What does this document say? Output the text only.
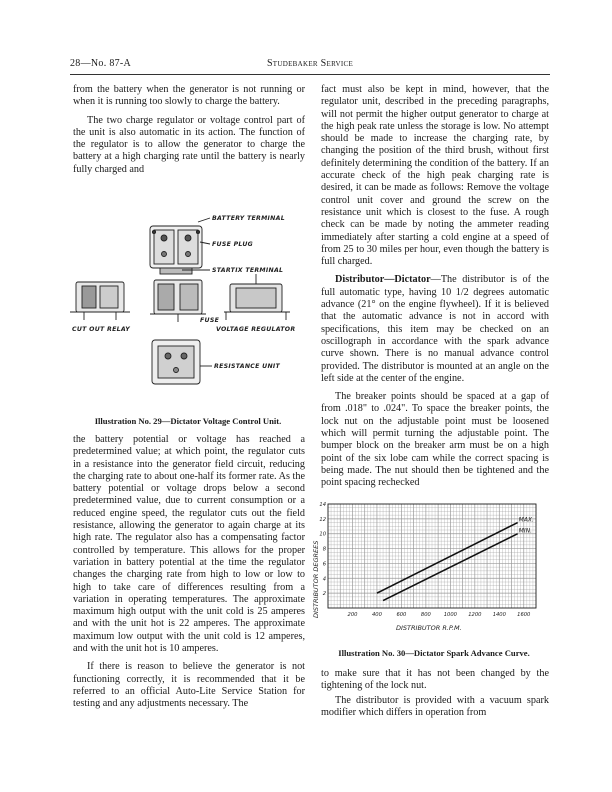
28—No. 87-A	Studebaker Service

from the battery when the generator is not running or when it is running too slowly to charge the battery.

The two charge regulator or voltage control part of the unit is also automatic in its action. The function of the regulator is to allow the generator to charge the battery at a high charging rate until the battery is nearly fully charged and

BATTERY TERMINAL
FUSE PLUG
STARTIX TERMINAL
FUSE
CUT OUT RELAY	VOLTAGE REGULATOR
RESISTANCE UNIT
Illustration No. 29—Dictator Voltage Control Unit.

the battery potential or voltage has reached a predetermined value; at which point, the regulator cuts in a resistance into the generator field circuit, reducing the charging rate to about one-half its former rate. As the battery potential or voltage drops below a second predetermined value, due to current consumption or a reduced engine speed, the regulator cuts out the field resistance, allowing the generator to again charge at its high rate. The regulator also has a compensating factor controlled by temperature. This allows for the proper variation in battery potential at the time the regulator changes the charging rate from high to low or low to high to take care of differences resulting from a variation in operating temperatures. The approximate maximum high output with the unit cold is 25 amperes and with the unit hot is 22 amperes. The approximate maximum low output with the unit cold is 12 amperes, and with the unit hot is 10 amperes.

If there is reason to believe the generator is not functioning correctly, it is recommended that it be referred to an official Auto-Lite Service Station for testing and any adjustments necessary. The

fact must also be kept in mind, however, that the regulator unit, described in the preceding paragraphs, will not permit the higher output generator to charge at the high peak rate unless the storage is low. No attempt should be made to increase the charging rate, by changing the position of the third brush, without first definitely determining the condition of the battery. If an accurate check of the high peak charging rate is desired, it can be made as follows: Remove the voltage control unit cover and ground the screw on the resistance unit which is closest to the fuse. A rough check can be made by noting the ammeter reading immediately after starting a cold engine at a speed of from 25 to 30 miles per hour, even though the battery is full charged.

Distributor—Dictator—The distributor is of the full automatic type, having 10 1/2 degrees automatic advance (21° on the engine flywheel). If it is believed that the automatic advance is not in accord with specifications, this item may be checked on an oscillograph in accordance with the spark advance curve shown. There is no manual advance control provided. The distributor is mounted at an angle on the left side at the center of the engine.

The breaker points should be spaced at a gap of from .018" to .024". To space the breaker points, the lock nut on the adjustable point must be loosened which will permit turning the adjustable point. The bumper block on the breaker arm must be on a high point of the six lobe cam while the correct spacing is being made. The nut should then be tightened and the point spacing rechecked

DISTRIBUTOR DEGREES
DISTRIBUTOR R.P.M.
200	400	600	800 1000 1200 1400 1600
2
4
6
8
10
12
14
MAX.
MIN.
Illustration No. 30—Dictator Spark Advance Curve.

to make sure that it has not been changed by the tightening of the lock nut.

The distributor is provided with a vacuum spark modifier which differs in operation from
